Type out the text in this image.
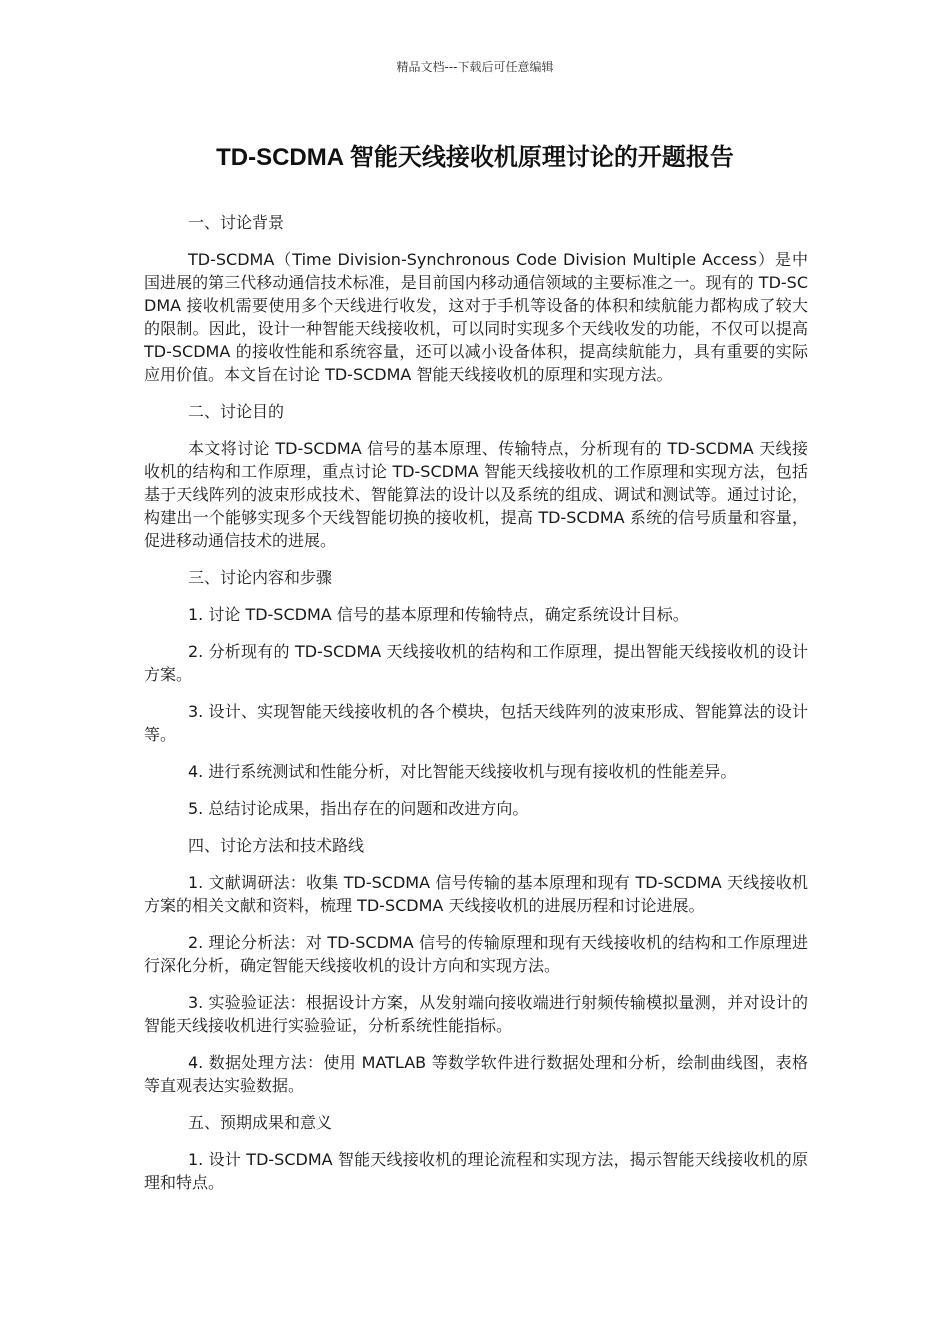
精品文档---下载后可任意编辑
TD-SCDMA 智能天线接收机原理讨论的开题报告

一、讨论背景

TD-SCDMA（Time Division-Synchronous Code Division Multiple Access）是中国进展的第三代移动通信技术标准，是目前国内移动通信领域的主要标准之一。现有的 TD-SCDMA 接收机需要使用多个天线进行收发，这对于手机等设备的体积和续航能力都构成了较大的限制。因此，设计一种智能天线接收机，可以同时实现多个天线收发的功能，不仅可以提高 TD-SCDMA 的接收性能和系统容量，还可以减小设备体积，提高续航能力，具有重要的实际应用价值。本文旨在讨论 TD-SCDMA 智能天线接收机的原理和实现方法。

二、讨论目的

本文将讨论 TD-SCDMA 信号的基本原理、传输特点，分析现有的 TD-SCDMA 天线接收机的结构和工作原理，重点讨论 TD-SCDMA 智能天线接收机的工作原理和实现方法，包括基于天线阵列的波束形成技术、智能算法的设计以及系统的组成、调试和测试等。通过讨论，构建出一个能够实现多个天线智能切换的接收机，提高 TD-SCDMA 系统的信号质量和容量，促进移动通信技术的进展。

三、讨论内容和步骤

1. 讨论 TD-SCDMA 信号的基本原理和传输特点，确定系统设计目标。

2. 分析现有的 TD-SCDMA 天线接收机的结构和工作原理，提出智能天线接收机的设计方案。

3. 设计、实现智能天线接收机的各个模块，包括天线阵列的波束形成、智能算法的设计等。

4. 进行系统测试和性能分析，对比智能天线接收机与现有接收机的性能差异。

5. 总结讨论成果，指出存在的问题和改进方向。

四、讨论方法和技术路线

1. 文献调研法：收集 TD-SCDMA 信号传输的基本原理和现有 TD-SCDMA 天线接收机方案的相关文献和资料，梳理 TD-SCDMA 天线接收机的进展历程和讨论进展。

2. 理论分析法：对 TD-SCDMA 信号的传输原理和现有天线接收机的结构和工作原理进行深化分析，确定智能天线接收机的设计方向和实现方法。

3. 实验验证法：根据设计方案，从发射端向接收端进行射频传输模拟量测，并对设计的智能天线接收机进行实验验证，分析系统性能指标。

4. 数据处理方法：使用 MATLAB 等数学软件进行数据处理和分析，绘制曲线图，表格等直观表达实验数据。

五、预期成果和意义

1. 设计 TD-SCDMA 智能天线接收机的理论流程和实现方法，揭示智能天线接收机的原理和特点。
